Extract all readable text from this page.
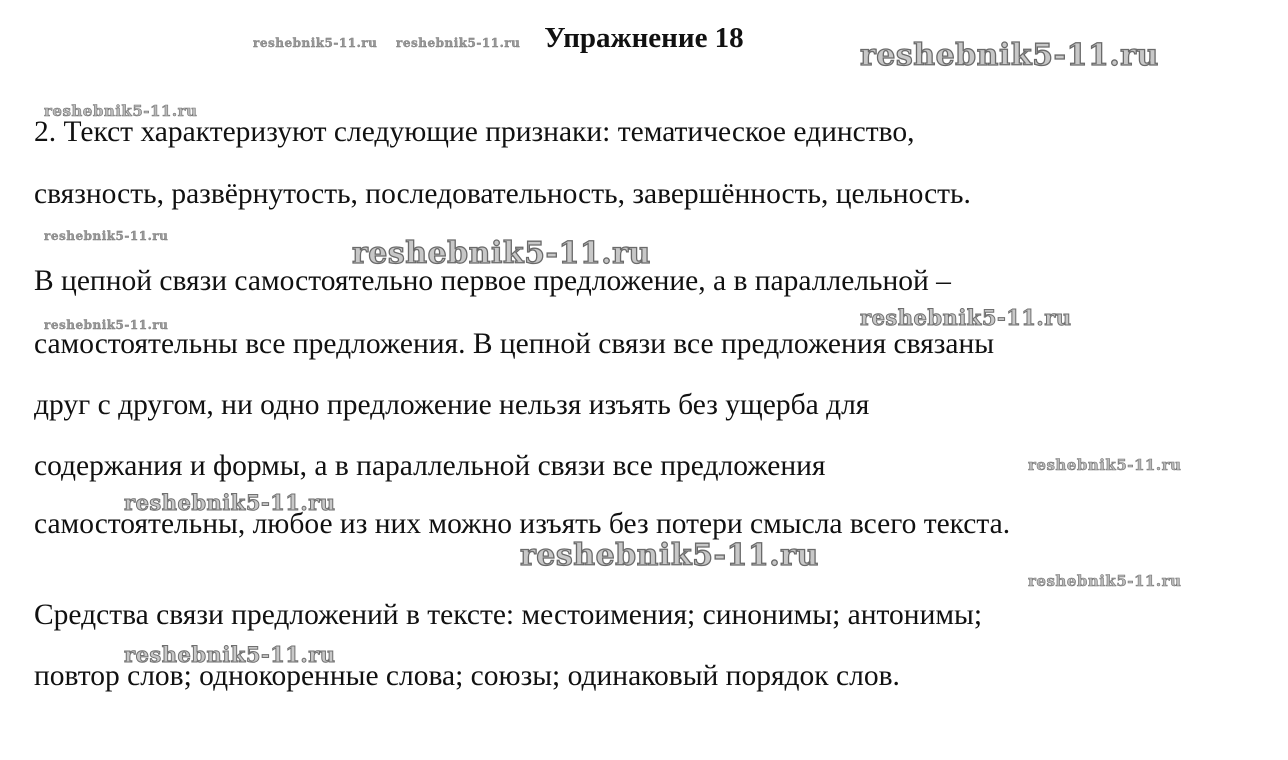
Упражнение 18
2. Текст характеризуют следующие признаки: тематическое единство,
связность, развёрнутость, последовательность, завершённость, цельность.
В цепной связи самостоятельно первое предложение, а в параллельной –
самостоятельны все предложения. В цепной связи все предложения связаны
друг с другом, ни одно предложение нельзя изъять без ущерба для
содержания и формы, а в параллельной связи все предложения
самостоятельны, любое из них можно изъять без потери смысла всего текста.
Средства связи предложений в тексте: местоимения; синонимы; антонимы;
повтор слов; однокоренные слова; союзы; одинаковый порядок слов.
reshebnik5-11.ru reshebnik5-11.ru	reshebnik5-11.ru
reshebnik5-11.ru
reshebnik5-11.ru	reshebnik5-11.ru
reshebnik5-11.ru	reshebnik5-11.ru
reshebnik5-11.ru
reshebnik5-11.ru
reshebnik5-11.ru
reshebnik5-11.ru
reshebnik5-11.ru
